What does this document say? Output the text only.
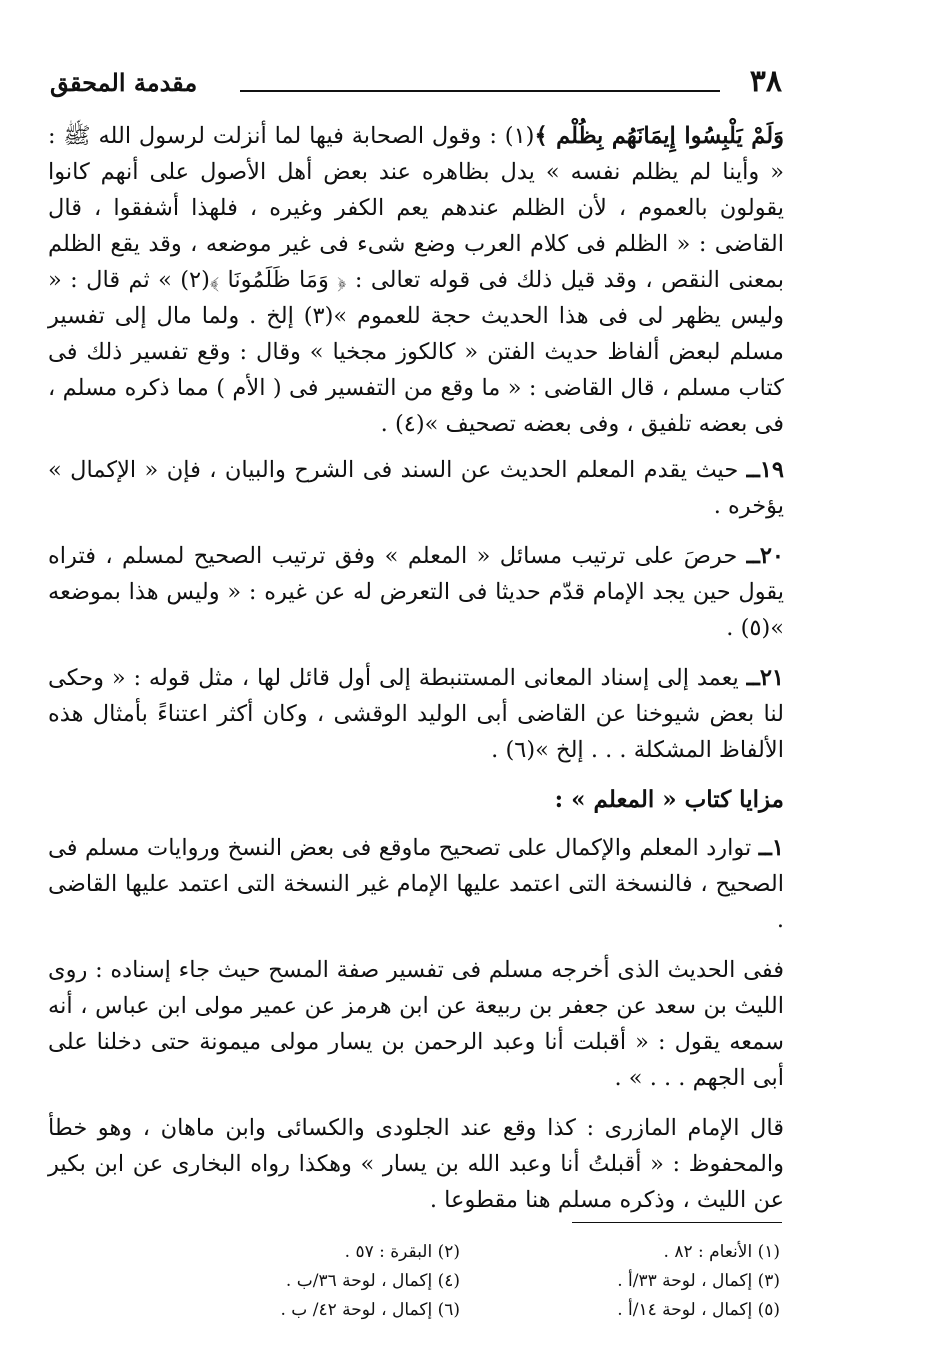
٣٨
مقدمة المحقق

وَلَمْ يَلْبِسُوا إِيمَانَهُم بِظُلْم ﴾(١) : وقول الصحابة فيها لما أنزلت لرسول الله ﷺ : « وأينا لم يظلم نفسه » يدل بظاهره عند بعض أهل الأصول على أنهم كانوا يقولون بالعموم ، لأن الظلم عندهم يعم الكفر وغيره ، فلهذا أشفقوا ، قال القاضى : « الظلم فى كلام العرب وضع شىء فى غير موضعه ، وقد يقع الظلم بمعنى النقص ، وقد قيل ذلك فى قوله تعالى : ﴿ وَمَا ظَلَمُونَا ﴾(٢) » ثم قال : « وليس يظهر لى فى هذا الحديث حجة للعموم »(٣) إلخ . ولما مال إلى تفسير مسلم لبعض ألفاظ حديث الفتن « كالكوز مجخيا » وقال : وقع تفسير ذلك فى كتاب مسلم ، قال القاضى : « ما وقع من التفسير فى ( الأم ) مما ذكره مسلم ، فى بعضه تلفيق ، وفى بعضه تصحيف »(٤) .

١٩ــ حيث يقدم المعلم الحديث عن السند فى الشرح والبيان ، فإن « الإكمال » يؤخره .

٢٠ــ حرصَ على ترتيب مسائل « المعلم » وفق ترتيب الصحيح لمسلم ، فتراه يقول حين يجد الإمام قدّم حديثا فى التعرض له عن غيره : « وليس هذا بموضعه »(٥) .

٢١ــ يعمد إلى إسناد المعانى المستنبطة إلى أول قائل لها ، مثل قوله : « وحكى لنا بعض شيوخنا عن القاضى أبى الوليد الوقشى ، وكان أكثر اعتناءً بأمثال هذه الألفاظ المشكلة . . . إلخ »(٦) .

مزايا كتاب « المعلم » :

١ــ توارد المعلم والإكمال على تصحيح ماوقع فى بعض النسخ وروايات مسلم فى الصحيح ، فالنسخة التى اعتمد عليها الإمام غير النسخة التى اعتمد عليها القاضى .

ففى الحديث الذى أخرجه مسلم فى تفسير صفة المسح حيث جاء إسناده : روى الليث بن سعد عن جعفر بن ربيعة عن ابن هرمز عن عمير مولى ابن عباس ، أنه سمعه يقول : « أقبلت أنا وعبد الرحمن بن يسار مولى ميمونة حتى دخلنا على أبى الجهم . . . » .

قال الإمام المازرى : كذا وقع عند الجلودى والكسائى وابن ماهان ، وهو خطأ والمحفوظ : « أقبلتُ أنا وعبد الله بن يسار » وهكذا رواه البخارى عن ابن بكير عن الليث ، وذكره مسلم هنا مقطوعا .

(١) الأنعام : ٨٢ .
(٢) البقرة : ٥٧ .
(٣) إكمال ، لوحة ٣٣/أ .
(٤) إكمال ، لوحة ٣٦/ب .
(٥) إكمال ، لوحة ١٤/أ .
(٦) إكمال ، لوحة ٤٢/ ب .
